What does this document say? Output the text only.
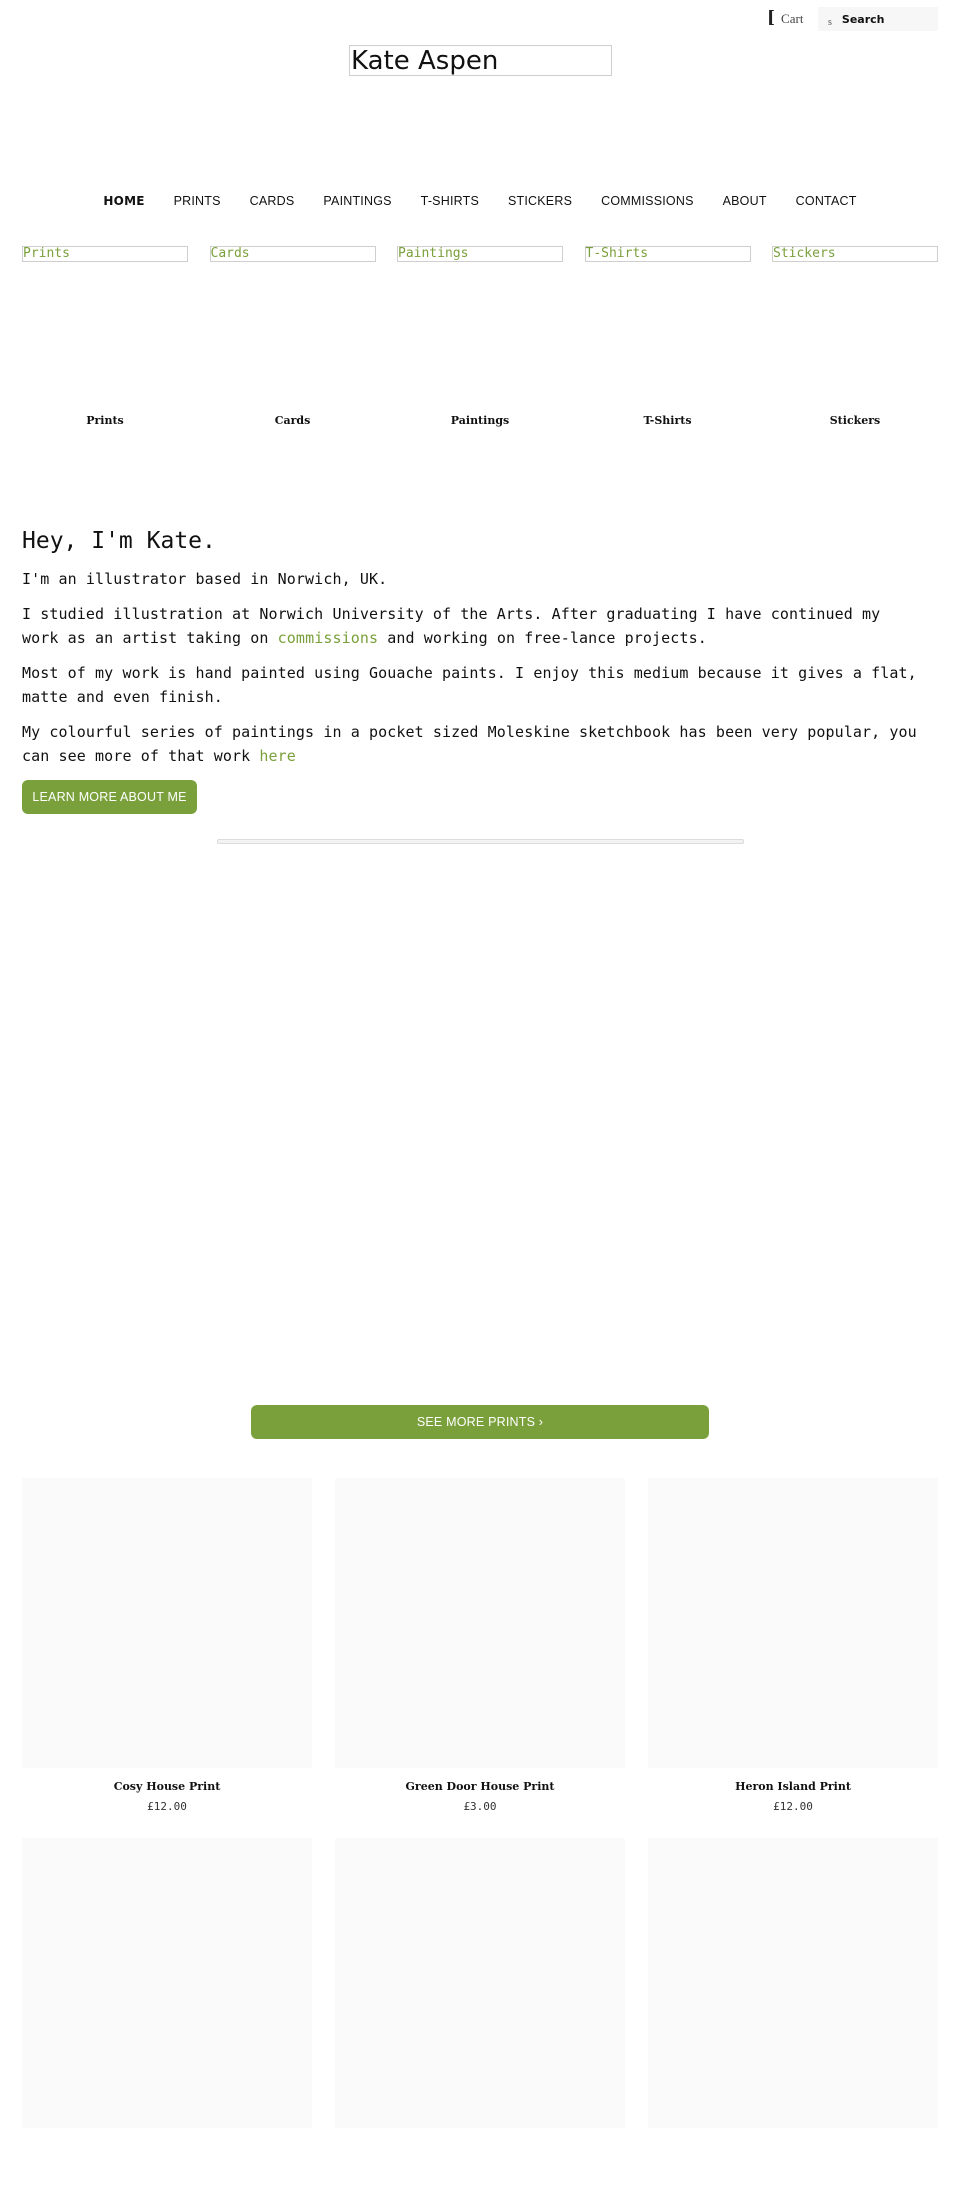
[ Cart s
Search
Kate Aspen
HOME	PRINTS	CARDS	PAINTINGS	T-SHIRTS	STICKERS	COMMISSIONS	ABOUT	CONTACT
Prints
Prints
Cards
Cards
Paintings
Paintings
T-Shirts
T-Shirts
Stickers
Stickers
Hey, I'm Kate.

I'm an illustrator based in Norwich, UK.

I studied illustration at Norwich University of the Arts. After graduating I have continued my work as an artist taking on commissions and working on free-lance projects.

Most of my work is hand painted using Gouache paints. I enjoy this medium because it gives a flat, matte and even finish.

My colourful series of paintings in a pocket sized Moleskine sketchbook has been very popular, you can see more of that work here

LEARN MORE ABOUT ME
SEE MORE PRINTS ›
Cosy House Print
£12.00
Green Door House Print
£3.00
Heron Island Print
£12.00
